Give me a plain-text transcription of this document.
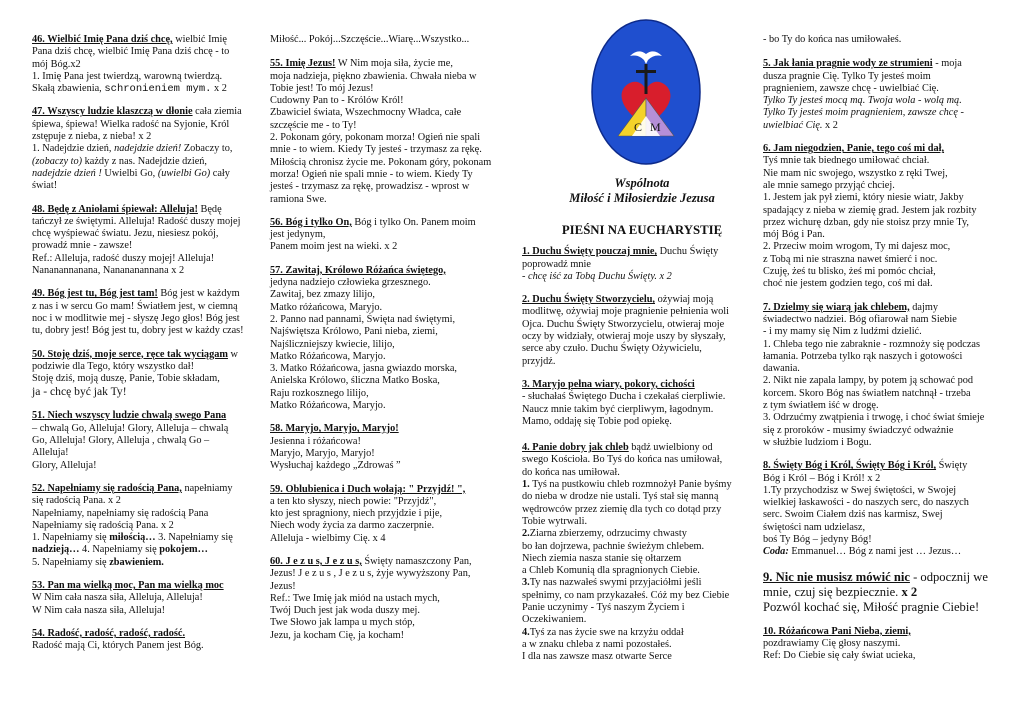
46. Wielbić Imię Pana dziś chcę, wielbić Imię

Pana dziś chcę, wielbić Imię Pana dziś chcę - to

mój Bóg.x2

1. Imię Pana jest twierdzą, warowną twierdzą.

Skałą zbawienia, schronieniem mym. x 2

47. Wszyscy ludzie klaszczą w dłonie cała ziemia

śpiewa, śpiewa! Wielka radość na Syjonie, Król

zstępuje z nieba, z nieba! x 2

1. Nadejdzie dzień, nadejdzie dzień! Zobaczy to,

(zobaczy to) każdy z nas. Nadejdzie dzień,

nadejdzie dzień ! Uwielbi Go, (uwielbi Go) cały

świat!

48. Będę z Aniołami śpiewał: Alleluja! Będę

tańczył ze świętymi. Alleluja! Radość duszy mojej

chcę wyśpiewać światu. Jezu, niesiesz pokój,

prowadź mnie - zawsze!

Ref.: Alleluja, radość duszy mojej! Alleluja!

Nananannanana, Nanananannana x 2

49. Bóg jest tu, Bóg jest tam! Bóg jest w każdym

z nas i w sercu Go mam! Światłem jest, w ciemną

noc i w modlitwie mej - słyszę Jego głos! Bóg jest

tu, dobry jest! Bóg jest tu, dobry jest w każdy czas!

50. Stoję dziś, moje serce, ręce tak wyciągam w

podziwie dla Tego, który wszystko dał!

Stoję dziś, moją duszę, Panie, Tobie składam,

ja - chcę być jak Ty!

51. Niech wszyscy ludzie chwalą swego Pana

– chwalą Go, Alleluja! Glory, Alleluja – chwalą

Go, Alleluja! Glory, Alleluja , chwalą Go –

Alleluja!

Glory, Alleluja!

52. Napełniamy się radością Pana, napełniamy

się radością Pana. x 2

Napełniamy, napełniamy się radością Pana

Napełniamy się radością Pana. x 2

1. Napełniamy się miłością… 3. Napełniamy się

nadzieją… 4. Napełniamy się pokojem…

5. Napełniamy się zbawieniem.

53. Pan ma wielką moc, Pan ma wielką moc

W Nim cała nasza siła, Alleluja, Alleluja!

W Nim cała nasza siła, Alleluja!

54. Radość, radość, radość, radość.

Radość mają Ci, których Panem jest Bóg.

Miłość... Pokój...Szczęście...Wiarę...Wszystko...

55. Imię Jezus! W Nim moja siła, życie me,

moja nadzieja, piękno zbawienia. Chwała nieba w

Tobie jest! To mój Jezus!

Cudowny Pan to - Królów Król!

Zbawiciel świata, Wszechmocny Władca, całe

szczęście me - to Ty!

2. Pokonam góry, pokonam morza! Ogień nie spali

mnie - to wiem. Kiedy Ty jesteś - trzymasz za rękę.

Miłością chronisz życie me. Pokonam góry, pokonam

morza! Ogień nie spali mnie - to wiem. Kiedy Ty

jesteś - trzymasz za rękę, prowadzisz - wprost w

ramiona Swe.

56. Bóg i tylko On, Bóg i tylko On. Panem moim

jest jedynym,

Panem moim jest na wieki. x 2

57. Zawitaj, Królowo Różańca świętego,

jedyna nadziejo człowieka grzesznego.

Zawitaj, bez zmazy lilijo,

Matko różańcowa, Maryjo.

2. Panno nad pannami, Święta nad świętymi,

Najświętsza Królowo, Pani nieba, ziemi,

Najśliczniejszy kwiecie, lilijo,

Matko Różańcowa, Maryjo.

3. Matko Różańcowa, jasna gwiazdo morska,

Anielska Królowo, śliczna Matko Boska,

Raju rozkosznego lilijo,

Matko Różańcowa, Maryjo.

58. Maryjo, Maryjo, Maryjo!

Jesienna i różańcowa!

Maryjo, Maryjo, Maryjo!

Wysłuchaj każdego „Zdrowaś ”

59. Oblubienica i Duch wołają: " Przyjdź! ",

a ten kto słyszy, niech powie: "Przyjdź",

kto jest spragniony, niech przyjdzie i pije,

Niech wody życia za darmo zaczerpnie.

Alleluja - wielbimy Cię. x 4

60. J e z u s, J e z u s, Święty namaszczony Pan,

Jezus! J e z u s , J e z u s, żyje wywyższony Pan,

Jezus!

Ref.: Twe Imię jak miód na ustach mych,

Twój Duch jest jak woda duszy mej.

Twe Słowo jak lampa u mych stóp,

Jezu, ja kocham Cię, ja kocham!

C M
Wspólnota
Miłość i Miłosierdzie Jezusa
PIEŚNI NA EUCHARYSTIĘ

1. Duchu Święty pouczaj mnie, Duchu Święty

poprowadź mnie

- chcę iść za Tobą Duchu Święty. x 2

2. Duchu Święty Stworzycielu, ożywiaj moją

modlitwę, ożywiaj moje pragnienie pełnienia woli

Ojca. Duchu Święty Stworzycielu, otwieraj moje

oczy by widziały, otwieraj moje uszy by słyszały,

serce aby czuło. Duchu Święty Ożywicielu,

przyjdź.

3. Maryjo pełna wiary, pokory, cichości

- słuchałaś Świętego Ducha i czekałaś cierpliwie.

Naucz mnie takim być cierpliwym, łagodnym.

Mamo, oddaję się Tobie pod opiekę.

4. Panie dobry jak chleb bądź uwielbiony od

swego Kościoła. Bo Tyś do końca nas umiłował,

do końca nas umiłował.

1. Tyś na pustkowiu chleb rozmnożył Panie byśmy

do nieba w drodze nie ustali. Tyś stał się manną

wędrowców przez ziemię dla tych co dotąd przy

Tobie wytrwali.

2.Ziarna zbierzemy, odrzucimy chwasty

bo łan dojrzewa, pachnie świeżym chlebem.

Niech ziemia nasza stanie się ołtarzem

a Chleb Komunią dla spragnionych Ciebie.

3.Ty nas nazwałeś swymi przyjaciółmi jeśli

spełnimy, co nam przykazałeś. Cóż my bez Ciebie

Panie uczynimy - Tyś naszym Życiem i

Oczekiwaniem.

4.Tyś za nas życie swe na krzyżu oddał

a w znaku chleba z nami pozostałeś.

I dla nas zawsze masz otwarte Serce

- bo Ty do końca nas umiłowałeś.

5. Jak łania pragnie wody ze strumieni - moja

dusza pragnie Cię. Tylko Ty jesteś moim

pragnieniem, zawsze chcę - uwielbiać Cię.

Tylko Ty jesteś mocą mą. Twoja wola - wolą mą.

Tylko Ty jesteś moim pragnieniem, zawsze chcę -

uwielbiać Cię. x 2

6. Jam niegodzien, Panie, tego coś mi dał,

Tyś mnie tak biednego umiłować chciał.

Nie mam nic swojego, wszystko z ręki Twej,

ale mnie samego przyjąć chciej.

1. Jestem jak pył ziemi, który niesie wiatr, Jakby

spadający z nieba w ziemię grad. Jestem jak rozbity

przez wichurę dzban, gdy nie stoisz przy mnie Ty,

mój Bóg i Pan.

2. Przeciw moim wrogom, Ty mi dajesz moc,

z Tobą mi nie straszna nawet śmierć i noc.

Czuję, żeś tu blisko, żeś mi pomóc chciał,

choć nie jestem godzien tego, coś mi dał.

7. Dzielmy się wiarą jak chlebem, dajmy

świadectwo nadziei. Bóg ofiarował nam Siebie

- i my mamy się Nim z ludźmi dzielić.

1. Chleba tego nie zabraknie - rozmnoży się podczas

łamania. Potrzeba tylko rąk naszych i gotowości

dawania.

2. Nikt nie zapala lampy, by potem ją schować pod

korcem. Skoro Bóg nas światłem natchnął - trzeba

z tym światłem iść w drogę.

3. Odrzućmy zwątpienia i trwogę, i choć świat śmieje

się z proroków - musimy świadczyć odważnie

w służbie ludziom i Bogu.

8. Święty Bóg i Król, Święty Bóg i Król, Święty

Bóg i Król – Bóg i Król! x 2

1.Ty przychodzisz w Swej świętości, w Swojej

wielkiej łaskawości - do naszych serc, do naszych

serc. Swoim Ciałem dziś nas karmisz, Swej

świętości nam udzielasz,

boś Ty Bóg – jedyny Bóg!

Coda: Emmanuel… Bóg z nami jest … Jezus…

9. Nic nie musisz mówić nic - odpocznij we

mnie, czuj się bezpiecznie. x 2

Pozwól kochać się, Miłość pragnie Ciebie!

10. Różańcowa Pani Nieba, ziemi,

pozdrawiamy Cię głosy naszymi.

Ref: Do Ciebie się cały świat ucieka,
